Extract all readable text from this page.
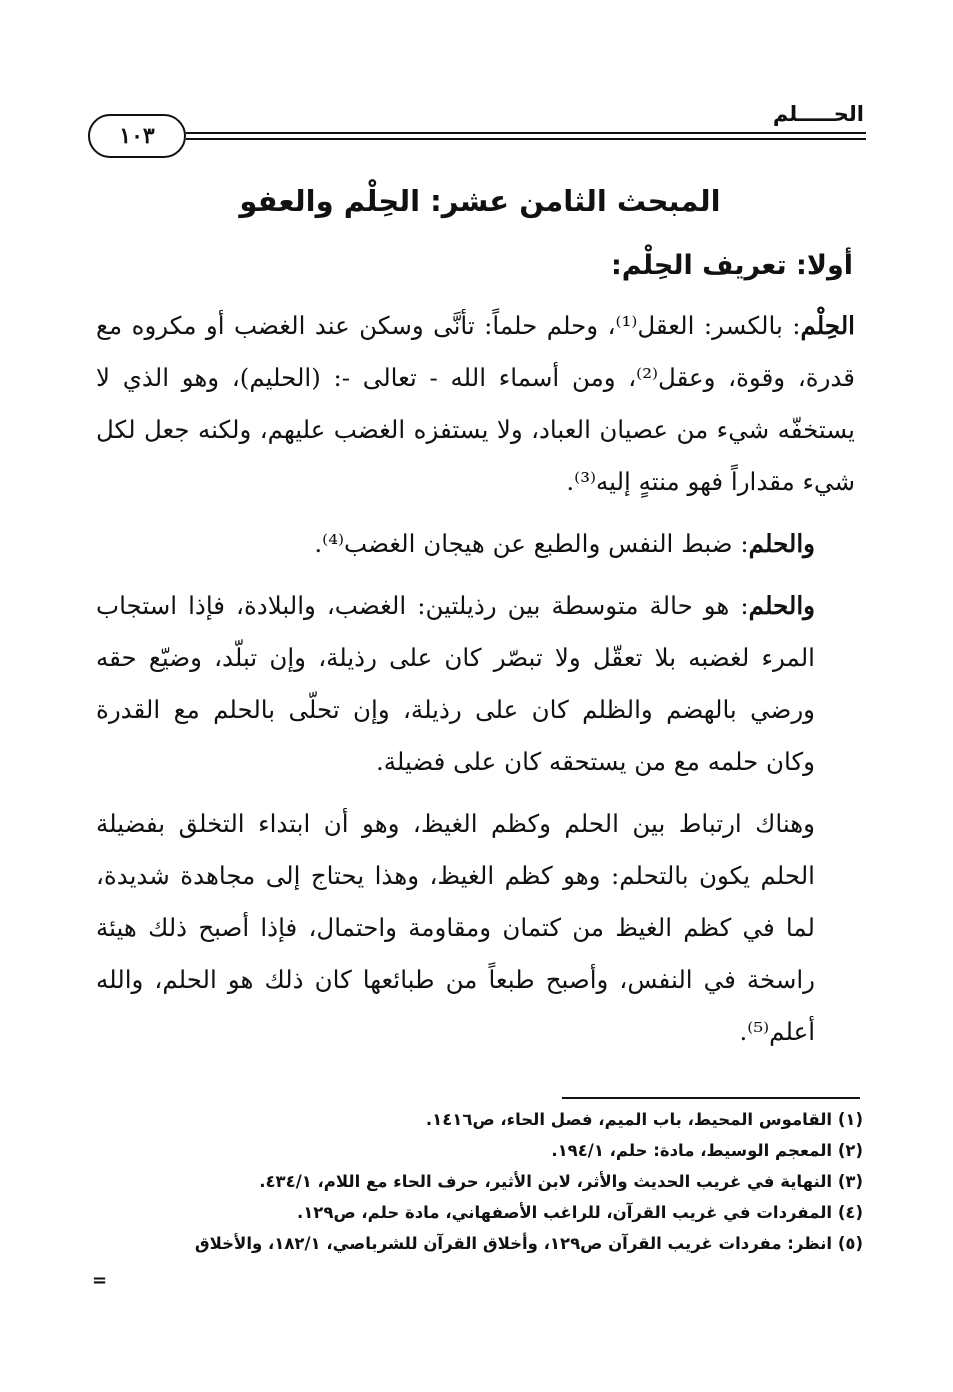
١٠٣
الحـــــلم
المبحث الثامن عشر: الحِلْم والعفو
أولا: تعريف الحِلْم:

الحِلْم: بالكسر: العقل⁽¹⁾، وحلم حلماً: تأنَّى وسكن عند الغضب أو مكروه مع قدرة، وقوة، وعقل⁽²⁾، ومن أسماء الله - تعالى -: (الحليم)، وهو الذي لا يستخفّه شيء من عصيان العباد، ولا يستفزه الغضب عليهم، ولكنه جعل لكل شيء مقداراً فهو منتهٍ إليه⁽³⁾.

والحلم: ضبط النفس والطبع عن هيجان الغضب⁽⁴⁾.

والحلم: هو حالة متوسطة بين رذيلتين: الغضب، والبلادة، فإذا استجاب المرء لغضبه بلا تعقّل ولا تبصّر كان على رذيلة، وإن تبلّد، وضيّع حقه ورضي بالهضم والظلم كان على رذيلة، وإن تحلّى بالحلم مع القدرة وكان حلمه مع من يستحقه كان على فضيلة.

وهناك ارتباط بين الحلم وكظم الغيظ، وهو أن ابتداء التخلق بفضيلة الحلم يكون بالتحلم: وهو كظم الغيظ، وهذا يحتاج إلى مجاهدة شديدة، لما في كظم الغيظ من كتمان ومقاومة واحتمال، فإذا أصبح ذلك هيئة راسخة في النفس، وأصبح طبعاً من طبائعها كان ذلك هو الحلم، والله أعلم⁽⁵⁾.

(١) القاموس المحيط، باب الميم، فصل الحاء، ص١٤١٦.
(٢) المعجم الوسيط، مادة: حلم، ١٩٤/١.
(٣) النهاية في غريب الحديث والأثر، لابن الأثير، حرف الحاء مع اللام، ٤٣٤/١.
(٤) المفردات في غريب القرآن، للراغب الأصفهاني، مادة حلم، ص١٢٩.
(٥) انظر: مفردات غريب القرآن ص١٢٩، وأخلاق القرآن للشرباصي، ١٨٢/١، والأخلاق
=
